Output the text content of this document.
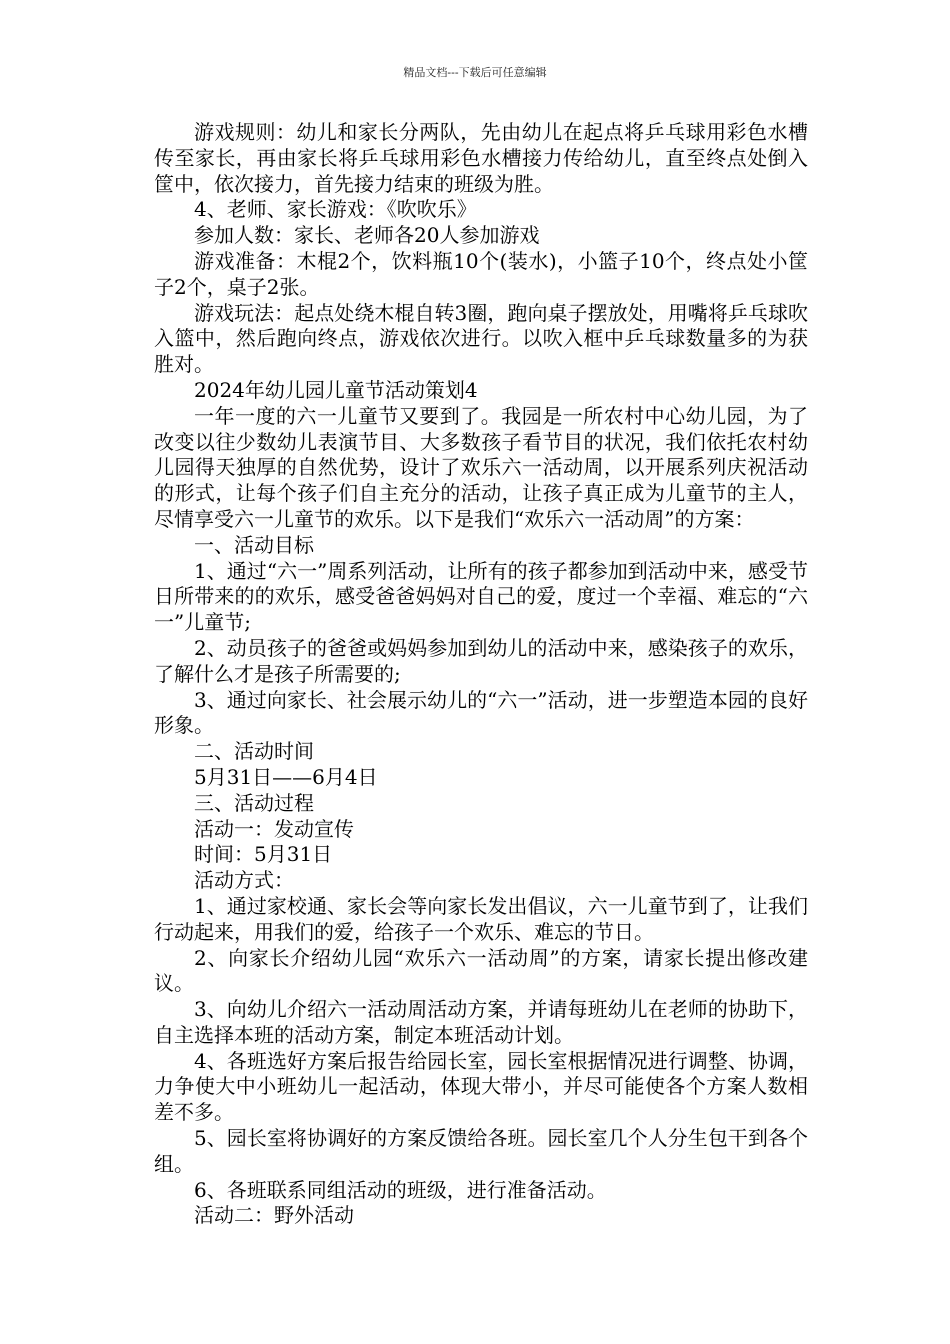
精品文档---下载后可任意编辑

游戏规则：幼儿和家长分两队，先由幼儿在起点将乒乓球用彩色水槽传至家长，再由家长将乒乓球用彩色水槽接力传给幼儿，直至终点处倒入筐中，依次接力，首先接力结束的班级为胜。

4、老师、家长游戏：《吹吹乐》

参加人数：家长、老师各20人参加游戏

游戏准备：木棍2个，饮料瓶10个(装水)，小篮子10个，终点处小筐子2个，桌子2张。

游戏玩法：起点处绕木棍自转3圈，跑向桌子摆放处，用嘴将乒乓球吹入篮中，然后跑向终点，游戏依次进行。以吹入框中乒乓球数量多的为获胜对。

2024年幼儿园儿童节活动策划4

一年一度的六一儿童节又要到了。我园是一所农村中心幼儿园，为了改变以往少数幼儿表演节目、大多数孩子看节目的状况，我们依托农村幼儿园得天独厚的自然优势，设计了欢乐六一活动周，以开展系列庆祝活动的形式，让每个孩子们自主充分的活动，让孩子真正成为儿童节的主人，尽情享受六一儿童节的欢乐。以下是我们“欢乐六一活动周”的方案：

一、活动目标

1、通过“六一”周系列活动，让所有的孩子都参加到活动中来，感受节日所带来的的欢乐，感受爸爸妈妈对自己的爱，度过一个幸福、难忘的“六一”儿童节;

2、动员孩子的爸爸或妈妈参加到幼儿的活动中来，感染孩子的欢乐，了解什么才是孩子所需要的;

3、通过向家长、社会展示幼儿的“六一”活动，进一步塑造本园的良好形象。

二、活动时间

5月31日——6月4日

三、活动过程

活动一：发动宣传

时间：5月31日

活动方式：

1、通过家校通、家长会等向家长发出倡议，六一儿童节到了，让我们行动起来，用我们的爱，给孩子一个欢乐、难忘的节日。

2、向家长介绍幼儿园“欢乐六一活动周”的方案，请家长提出修改建议。

3、向幼儿介绍六一活动周活动方案，并请每班幼儿在老师的协助下，自主选择本班的活动方案，制定本班活动计划。

4、各班选好方案后报告给园长室，园长室根据情况进行调整、协调，力争使大中小班幼儿一起活动，体现大带小，并尽可能使各个方案人数相差不多。

5、园长室将协调好的方案反馈给各班。园长室几个人分生包干到各个组。

6、各班联系同组活动的班级，进行准备活动。

活动二：野外活动
